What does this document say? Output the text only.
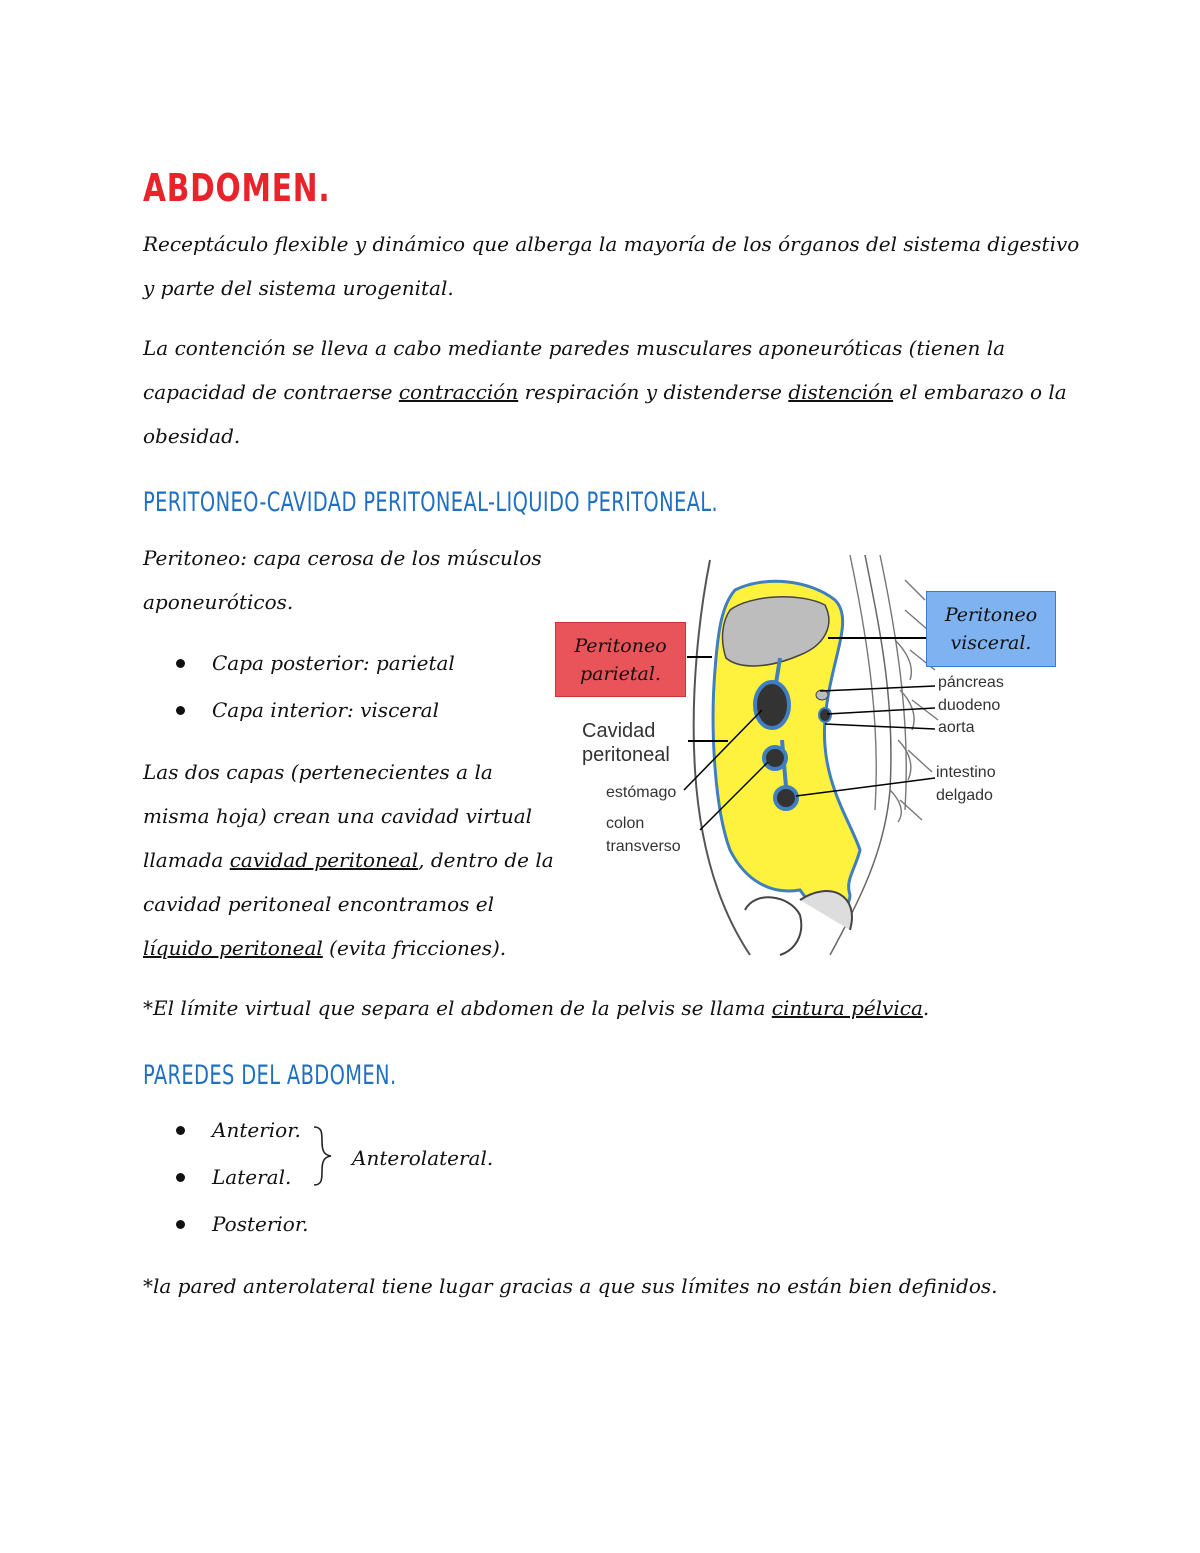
ABDOMEN.
Receptáculo flexible y dinámico que alberga la mayoría de los órganos del sistema digestivo
y parte del sistema urogenital.
La contención se lleva a cabo mediante paredes musculares aponeuróticas (tienen la
capacidad de contraerse contracción respiración y distenderse distención el embarazo o la
obesidad.
PERITONEO-CAVIDAD PERITONEAL-LIQUIDO PERITONEAL.
Peritoneo: capa cerosa de los músculos
aponeuróticos.
Capa posterior: parietal
Capa interior: visceral
Las dos capas (pertenecientes a la
misma hoja) crean una cavidad virtual
llamada cavidad peritoneal, dentro de la
cavidad peritoneal encontramos el
líquido peritoneal (evita fricciones).
*El límite virtual que separa el abdomen de la pelvis se llama cintura pélvica.
Peritoneo
parietal.
Peritoneo
visceral.
Cavidad
peritoneal
estómago
colon
transverso
páncreas
duodeno
aorta
intestino
delgado
PAREDES DEL ABDOMEN.
Anterior.
Lateral.
Posterior.
Anterolateral.
*la pared anterolateral tiene lugar gracias a que sus límites no están bien definidos.
